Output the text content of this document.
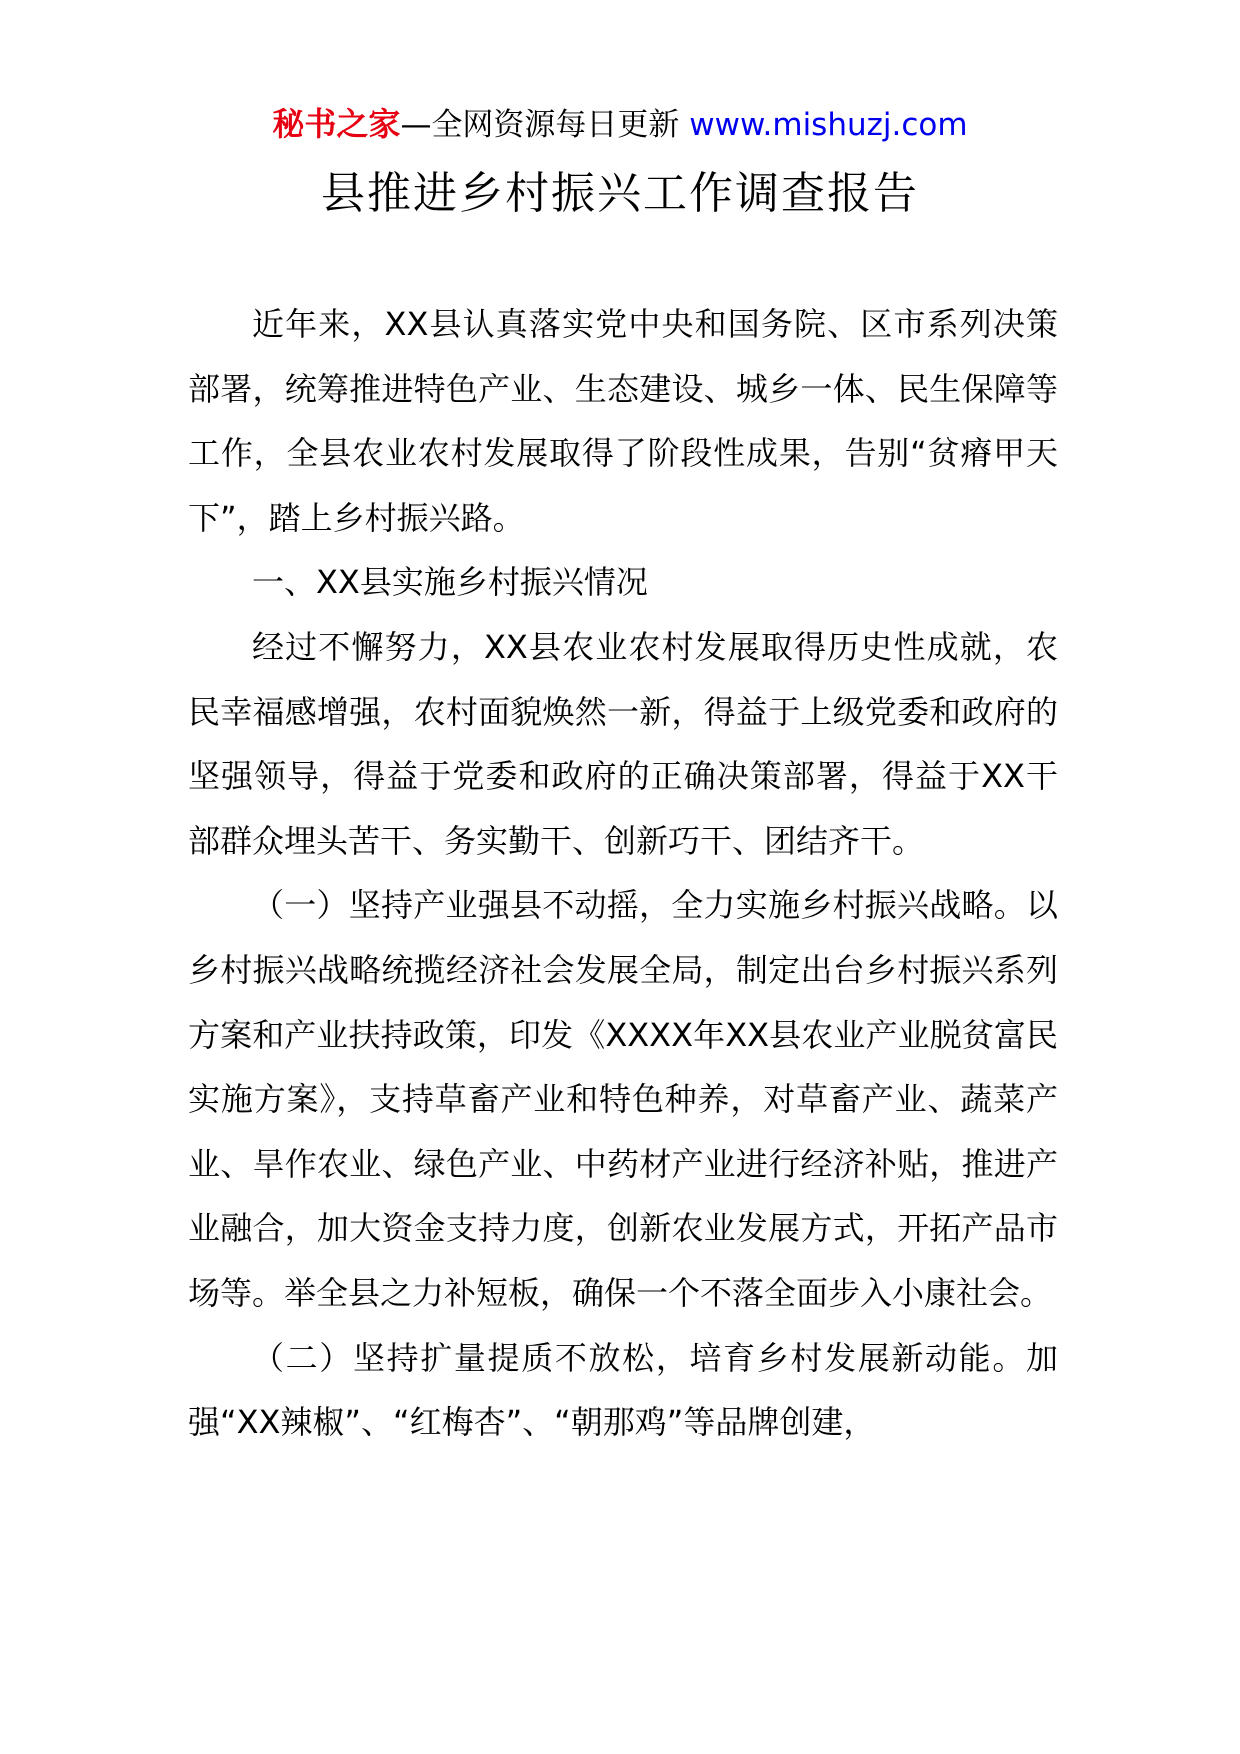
秘书之家—全网资源每日更新 www.mishuzj.com
县推进乡村振兴工作调查报告

近年来，XX县认真落实党中央和国务院、区市系列决策部署，统筹推进特色产业、生态建设、城乡一体、民生保障等工作，全县农业农村发展取得了阶段性成果，告别“贫瘠甲天下”，踏上乡村振兴路。

一、XX县实施乡村振兴情况

经过不懈努力，XX县农业农村发展取得历史性成就，农民幸福感增强，农村面貌焕然一新，得益于上级党委和政府的坚强领导，得益于党委和政府的正确决策部署，得益于XX干部群众埋头苦干、务实勤干、创新巧干、团结齐干。

（一）坚持产业强县不动摇，全力实施乡村振兴战略。以乡村振兴战略统揽经济社会发展全局，制定出台乡村振兴系列方案和产业扶持政策，印发《XXXX年XX县农业产业脱贫富民实施方案》，支持草畜产业和特色种养，对草畜产业、蔬菜产业、旱作农业、绿色产业、中药材产业进行经济补贴，推进产业融合，加大资金支持力度，创新农业发展方式，开拓产品市场等。举全县之力补短板，确保一个不落全面步入小康社会。

（二）坚持扩量提质不放松，培育乡村发展新动能。加强“XX辣椒”、“红梅杏”、“朝那鸡”等品牌创建，
